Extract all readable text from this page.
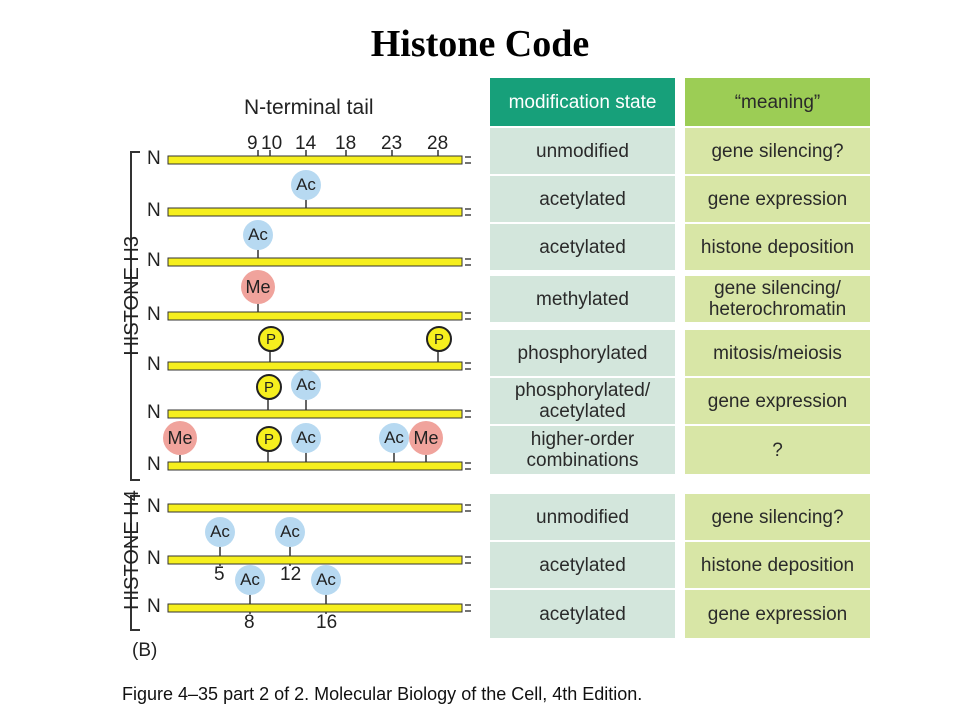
Histone Code
HISTONE H3
HISTONE H4
N-terminal tail
9 10 14 18 23 28
N
N
N
N
N
N
N
N
N
N
(B)
Ac
Ac
Me
P	P
P	Ac
Me	P	Ac	Ac Me
Ac	Ac
Ac	Ac
5	12
8	16
modification state	“meaning”
unmodified	gene silencing?
acetylated	gene expression
acetylated	histone deposition
methylated	gene silencing/ heterochromatin
phosphorylated	mitosis/meiosis
phosphorylated/ acetylated	gene expression
higher-order combinations	?
unmodified	gene silencing?
acetylated	histone deposition
acetylated	gene expression
Figure 4–35 part 2 of 2. Molecular Biology of the Cell, 4th Edition.
